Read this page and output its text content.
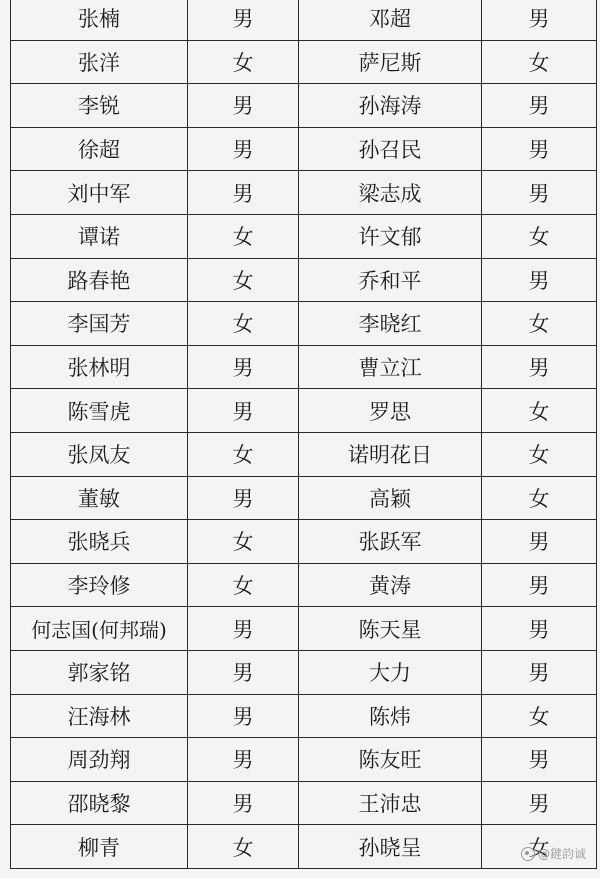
张楠	男	邓超	男
张洋	女	萨尼斯	女
李锐	男	孙海涛	男
徐超	男	孙召民	男
刘中军	男	梁志成	男
谭诺	女	许文郁	女
路春艳	女	乔和平	男
李国芳	女	李晓红	女
张林明	男	曹立江	男
陈雪虎	男	罗思	女
张凤友	女	诺明花日	女
董敏	男	高颖	女
张晓兵	女	张跃军	男
李玲修	女	黄涛	男
何志国(何邦瑞)	男	陈天星	男
郭家铭	男	大力	男
汪海林	男	陈炜	女
周劲翔	男	陈友旺	男
邵晓黎	男	王沛忠	男
柳青	女	孙晓呈	女
@鍵韵诚
